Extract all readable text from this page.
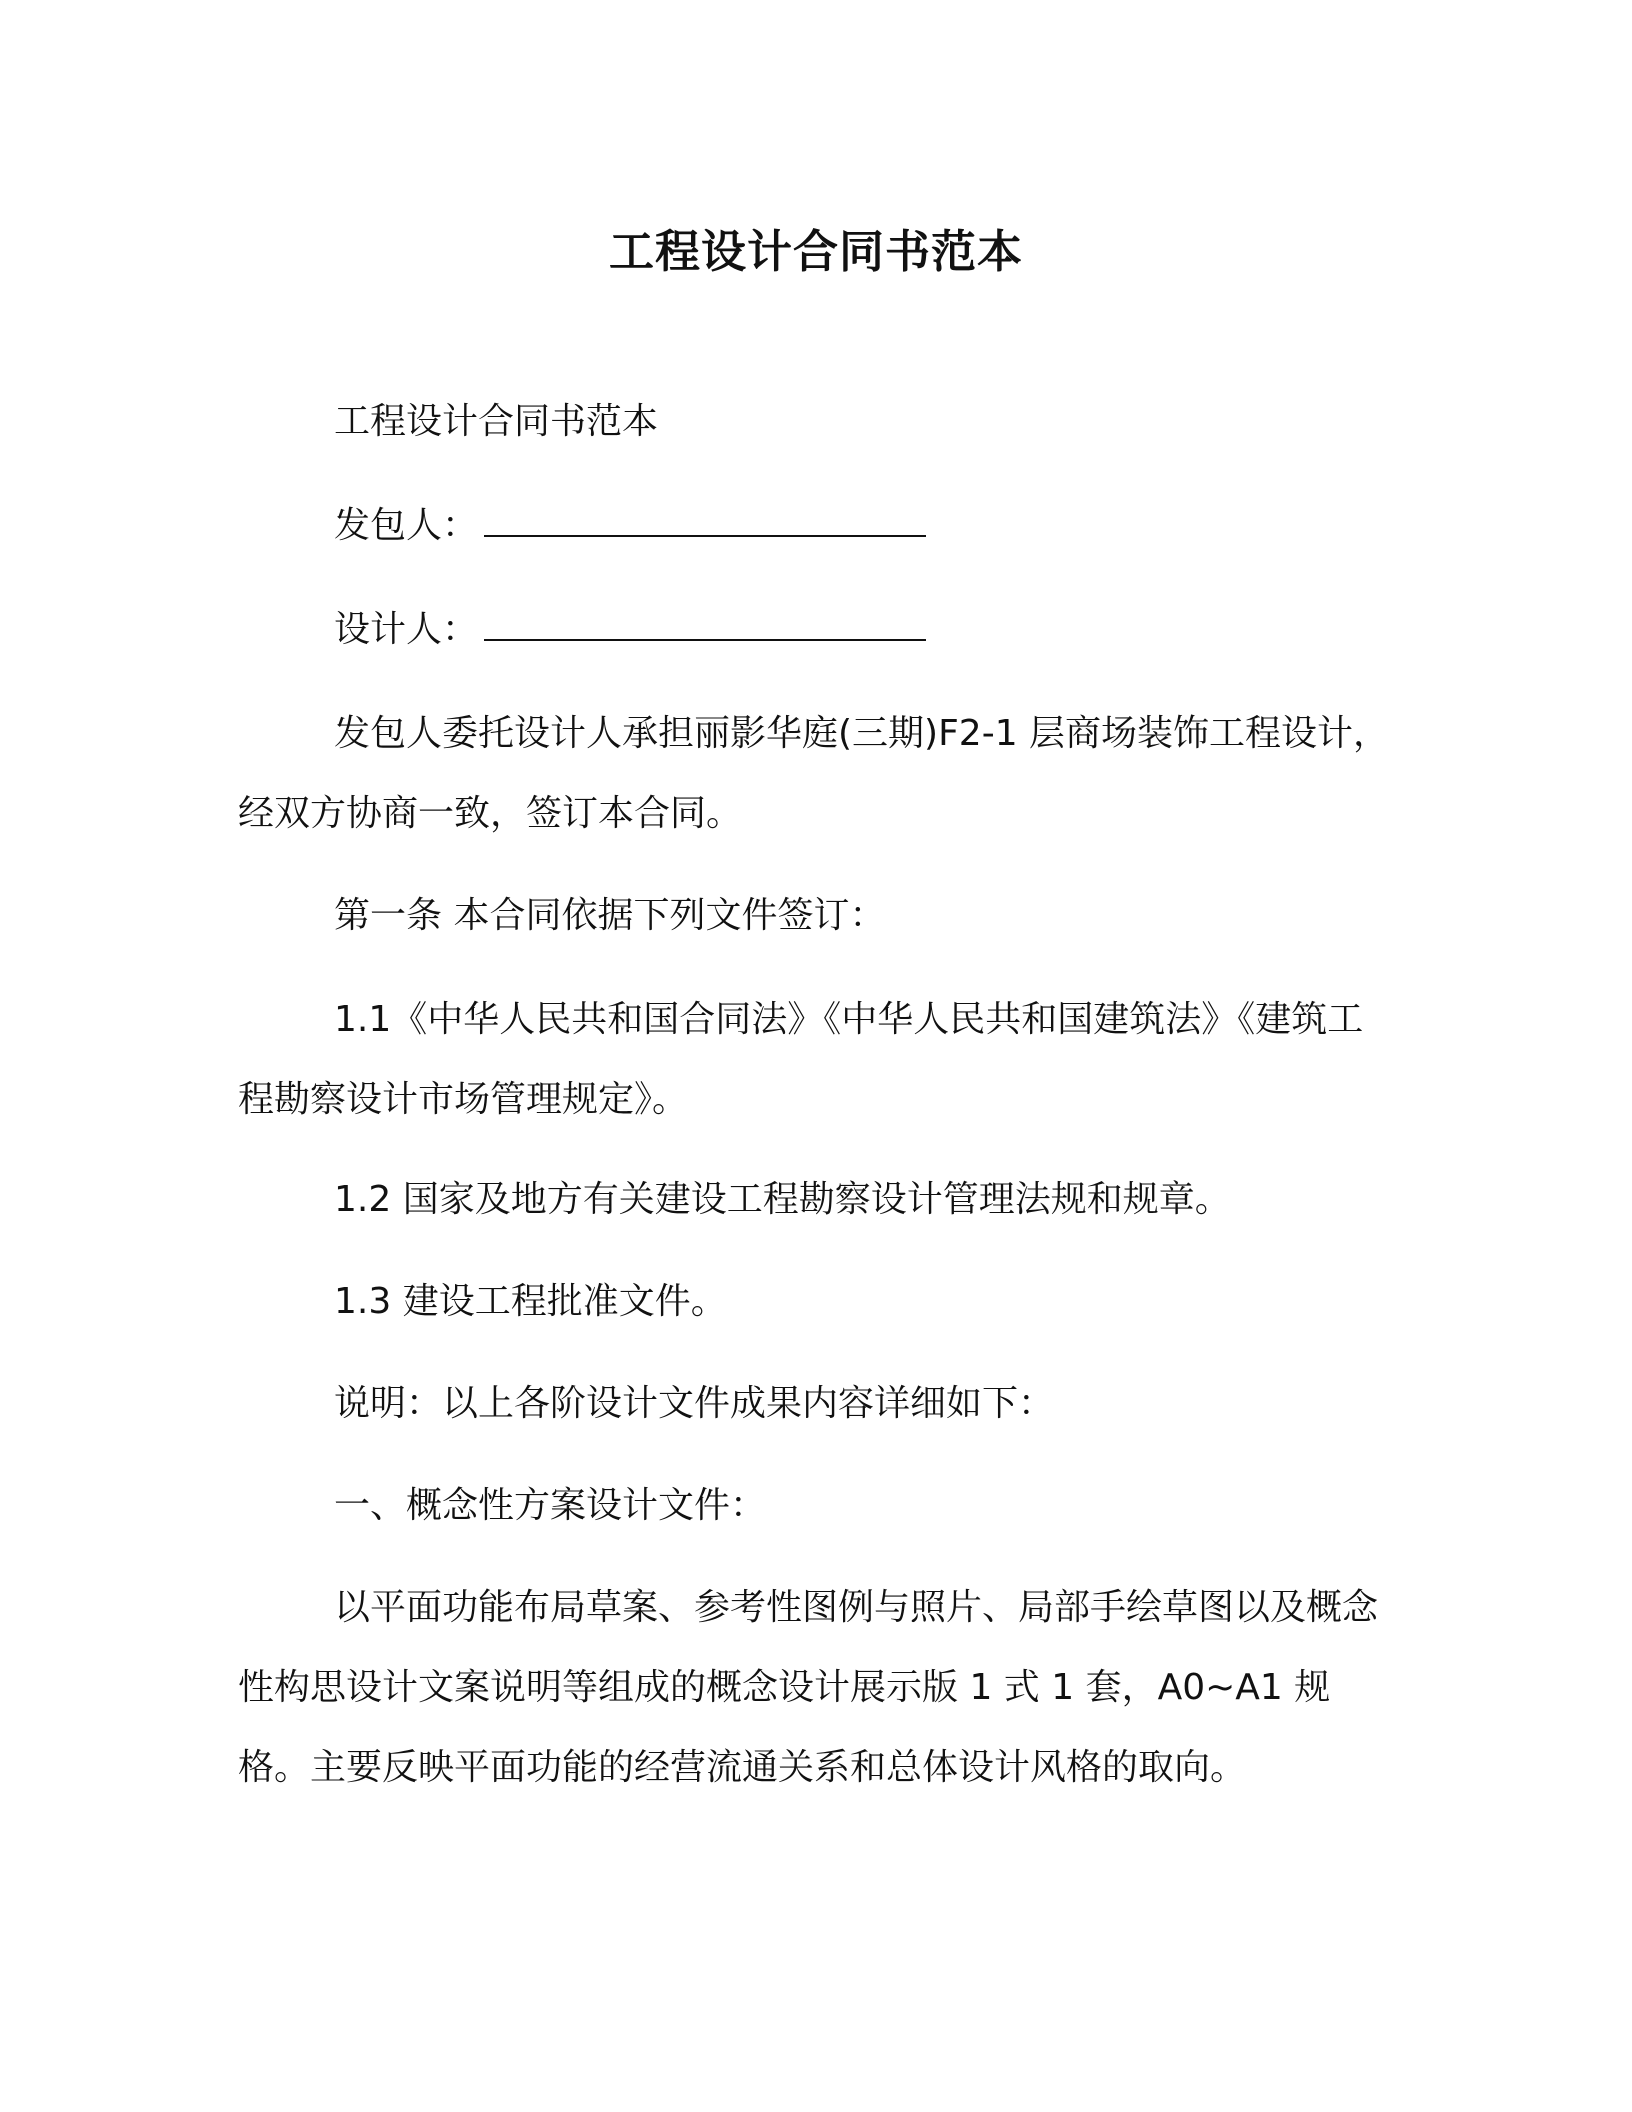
工程设计合同书范本
工程设计合同书范本
发包人：
设计人：
发包人委托设计人承担丽影华庭(三期)F2-1 层商场装饰工程设计，经双方协商一致，签订本合同。
第一条 本合同依据下列文件签订：
1.1《中华人民共和国合同法》《中华人民共和国建筑法》《建筑工程勘察设计市场管理规定》。
1.2 国家及地方有关建设工程勘察设计管理法规和规章。
1.3 建设工程批准文件。
说明：以上各阶设计文件成果内容详细如下：
一、概念性方案设计文件：
以平面功能布局草案、参考性图例与照片、局部手绘草图以及概念性构思设计文案说明等组成的概念设计展示版 1 式 1 套，A0~A1 规格。主要反映平面功能的经营流通关系和总体设计风格的取向。
